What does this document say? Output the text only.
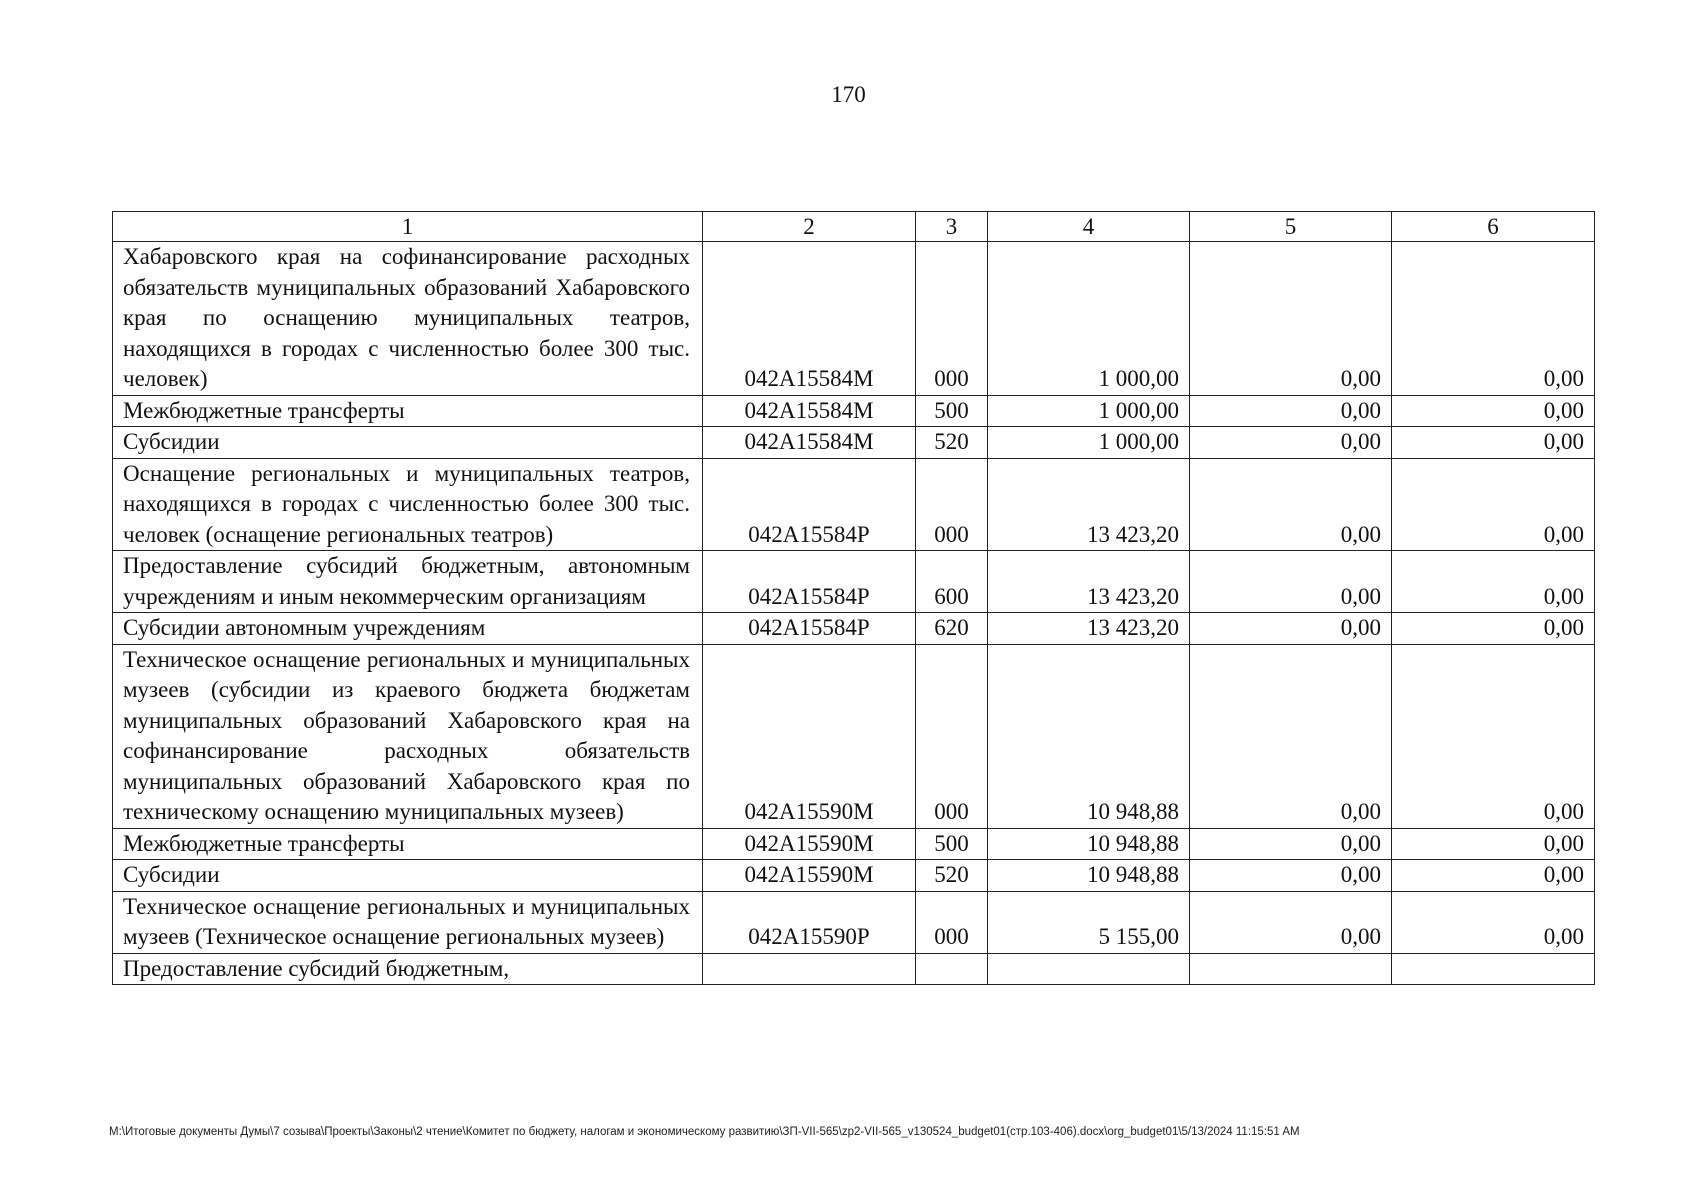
170
1	2	3	4	5	6
Хабаровского края на софинансирование расходных обязательств муниципальных образований Хабаровского края по оснащению муниципальных театров, находящихся в городах с численностью более 300 тыс. человек)	042A15584M	000	1 000,00	0,00	0,00
Межбюджетные трансферты	042A15584M	500	1 000,00	0,00	0,00
Субсидии	042A15584M	520	1 000,00	0,00	0,00
Оснащение региональных и муниципальных театров, находящихся в городах с численностью более 300 тыс. человек (оснащение региональных театров)	042A15584P	000	13 423,20	0,00	0,00
Предоставление субсидий бюджетным, автономным учреждениям и иным некоммерческим организациям	042A15584P	600	13 423,20	0,00	0,00
Субсидии автономным учреждениям	042A15584P	620	13 423,20	0,00	0,00
Техническое оснащение региональных и муниципальных музеев (субсидии из краевого бюджета бюджетам муниципальных образований Хабаровского края на софинансирование расходных обязательств муниципальных образований Хабаровского края по техническому оснащению муниципальных музеев)	042A15590M	000	10 948,88	0,00	0,00
Межбюджетные трансферты	042A15590M	500	10 948,88	0,00	0,00
Субсидии	042A15590M	520	10 948,88	0,00	0,00
Техническое оснащение региональных и муниципальных музеев (Техническое оснащение региональных музеев)	042A15590P	000	5 155,00	0,00	0,00
Предоставление субсидий бюджетным,					
M:\Итоговые документы Думы\7 созыва\Проекты\Законы\2 чтение\Комитет по бюджету, налогам и экономическому развитию\ЗП-VII-565\zp2-VII-565_v130524_budget01(стр.103-406).docx\org_budget01\5/13/2024 11:15:51 AM
